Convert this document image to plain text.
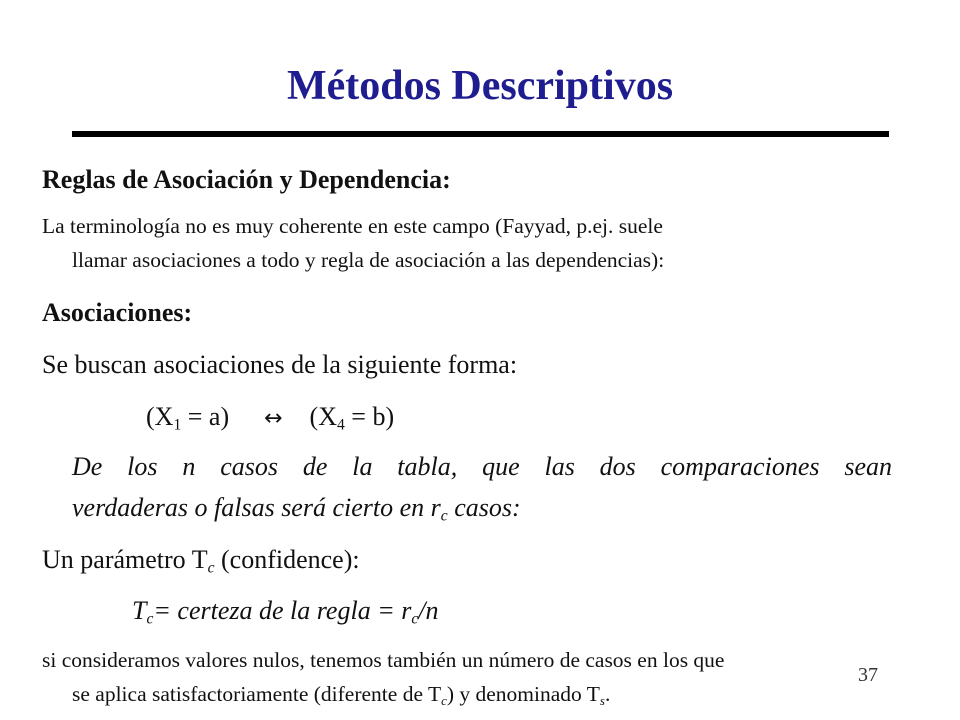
Métodos Descriptivos
Reglas de Asociación y Dependencia:
La terminología no es muy coherente en este campo (Fayyad, p.ej. suele
llamar asociaciones a todo y regla de asociación a las dependencias):
Asociaciones:
Se buscan asociaciones de la siguiente forma:
$(X_1 = a)$ ↔ $(X_4 = b)$
De los n casos de la tabla, que las dos comparaciones sean
verdaderas o falsas será cierto en $r_c$ casos:
Un parámetro $T_c$ (confidence):
$T_c=$ certeza de la regla = $r_c/n$
si consideramos valores nulos, tenemos también un número de casos en los que
se aplica satisfactoriamente (diferente de $T_c$) y denominado $T_s$.
37
